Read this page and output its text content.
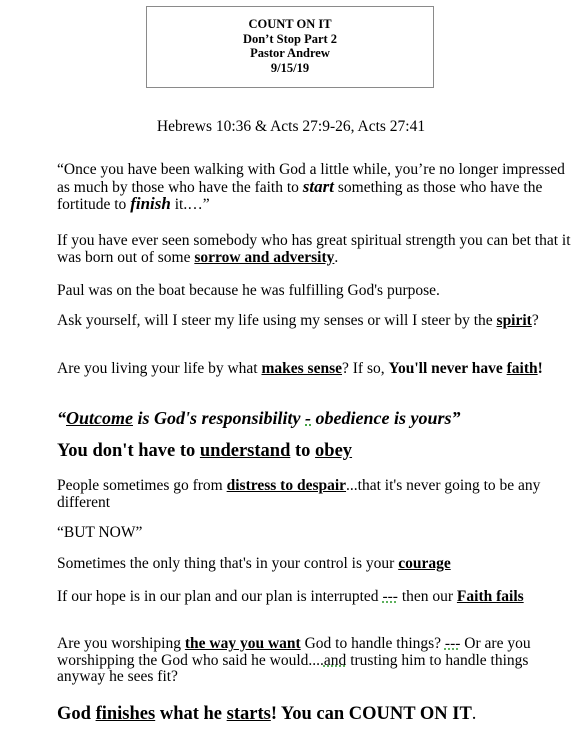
COUNT ON IT
Don’t Stop Part 2
Pastor Andrew
9/15/19
Hebrews 10:36 & Acts 27:9-26, Acts 27:41
“Once you have been walking with God a little while, you’re no longer impressed as much by those who have the faith to start something as those who have the fortitude to finish it.…”
If you have ever seen somebody who has great spiritual strength you can bet that it was born out of some sorrow and adversity.
Paul was on the boat because he was fulfilling God's purpose.
Ask yourself, will I steer my life using my senses or will I steer by the spirit?
Are you living your life by what makes sense? If so, You'll never have faith!
“Outcome is God's responsibility - obedience is yours”
You don't have to understand to obey
People sometimes go from distress to despair...that it's never going to be any different
“BUT NOW”
Sometimes the only thing that's in your control is your courage
If our hope is in our plan and our plan is interrupted --- then our Faith fails
Are you worshiping the way you want God to handle things? --- Or are you worshipping the God who said he would....and trusting him to handle things anyway he sees fit?
God finishes what he starts! You can COUNT ON IT.
